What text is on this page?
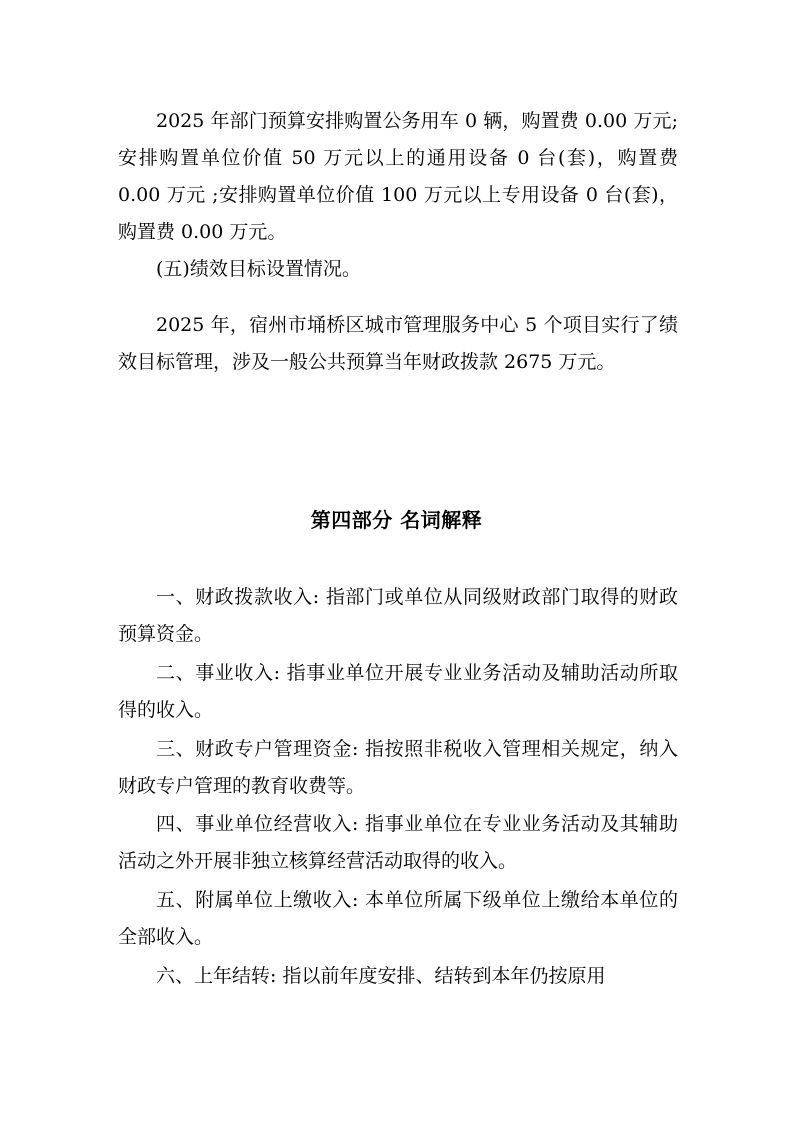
2025 年部门预算安排购置公务用车 0 辆，购置费 0.00 万元;安排购置单位价值 50 万元以上的通用设备 0 台(套)，购置费 0.00 万元 ;安排购置单位价值 100 万元以上专用设备 0 台(套)，购置费 0.00 万元。

(五)绩效目标设置情况。

2025 年，宿州市埇桥区城市管理服务中心 5 个项目实行了绩效目标管理，涉及一般公共预算当年财政拨款 2675 万元。

第四部分 名词解释

一、财政拨款收入: 指部门或单位从同级财政部门取得的财政预算资金。

二、事业收入: 指事业单位开展专业业务活动及辅助活动所取得的收入。

三、财政专户管理资金: 指按照非税收入管理相关规定，纳入财政专户管理的教育收费等。

四、事业单位经营收入: 指事业单位在专业业务活动及其辅助活动之外开展非独立核算经营活动取得的收入。

五、附属单位上缴收入: 本单位所属下级单位上缴给本单位的全部收入。

六、上年结转: 指以前年度安排、结转到本年仍按原用
